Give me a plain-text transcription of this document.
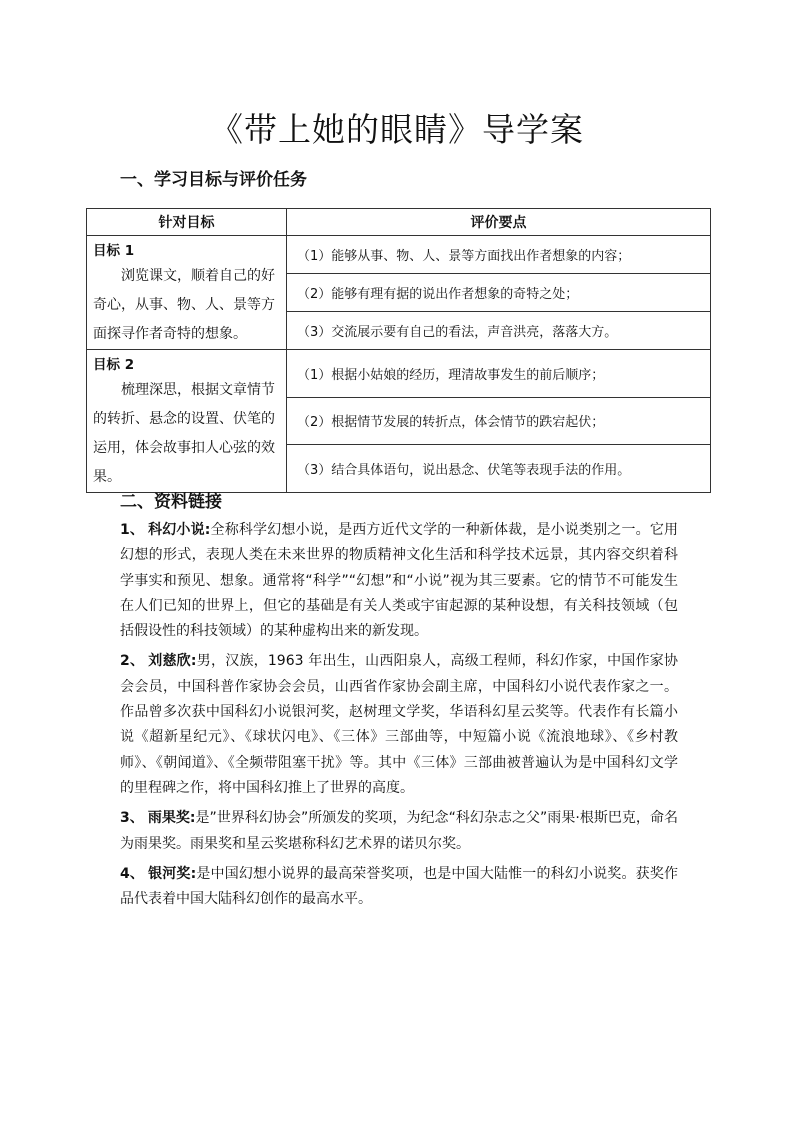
《带上她的眼睛》导学案
一、学习目标与评价任务
针对目标	评价要点

目标 1
浏览课文，顺着自己的好奇心，从事、物、人、景等方面探寻作者奇特的想象。	（1）能够从事、物、人、景等方面找出作者想象的内容；
	（2）能够有理有据的说出作者想象的奇特之处；
	（3）交流展示要有自己的看法，声音洪亮，落落大方。

目标 2
梳理深思，根据文章情节的转折、悬念的设置、伏笔的运用，体会故事扣人心弦的效果。	（1）根据小姑娘的经历，理清故事发生的前后顺序；
	（2）根据情节发展的转折点，体会情节的跌宕起伏；
	（3）结合具体语句，说出悬念、伏笔等表现手法的作用。
二、资料链接

1、 科幻小说:全称科学幻想小说，是西方近代文学的一种新体裁，是小说类别之一。它用幻想的形式，表现人类在未来世界的物质精神文化生活和科学技术远景，其内容交织着科学事实和预见、想象。通常将“科学”“幻想”和“小说”视为其三要素。它的情节不可能发生在人们已知的世界上，但它的基础是有关人类或宇宙起源的某种设想，有关科技领域（包括假设性的科技领域）的某种虚构出来的新发现。

2、 刘慈欣:男，汉族，1963 年出生，山西阳泉人，高级工程师，科幻作家，中国作家协会会员，中国科普作家协会会员，山西省作家协会副主席，中国科幻小说代表作家之一。作品曾多次获中国科幻小说银河奖，赵树理文学奖，华语科幻星云奖等。代表作有长篇小说《超新星纪元》、《球状闪电》、《三体》三部曲等，中短篇小说《流浪地球》、《乡村教师》、《朝闻道》、《全频带阻塞干扰》等。其中《三体》三部曲被普遍认为是中国科幻文学的里程碑之作，将中国科幻推上了世界的高度。

3、 雨果奖:是”世界科幻协会”所颁发的奖项，为纪念“科幻杂志之父”雨果·根斯巴克，命名为雨果奖。雨果奖和星云奖堪称科幻艺术界的诺贝尔奖。

4、 银河奖:是中国幻想小说界的最高荣誉奖项，也是中国大陆惟一的科幻小说奖。获奖作品代表着中国大陆科幻创作的最高水平。
